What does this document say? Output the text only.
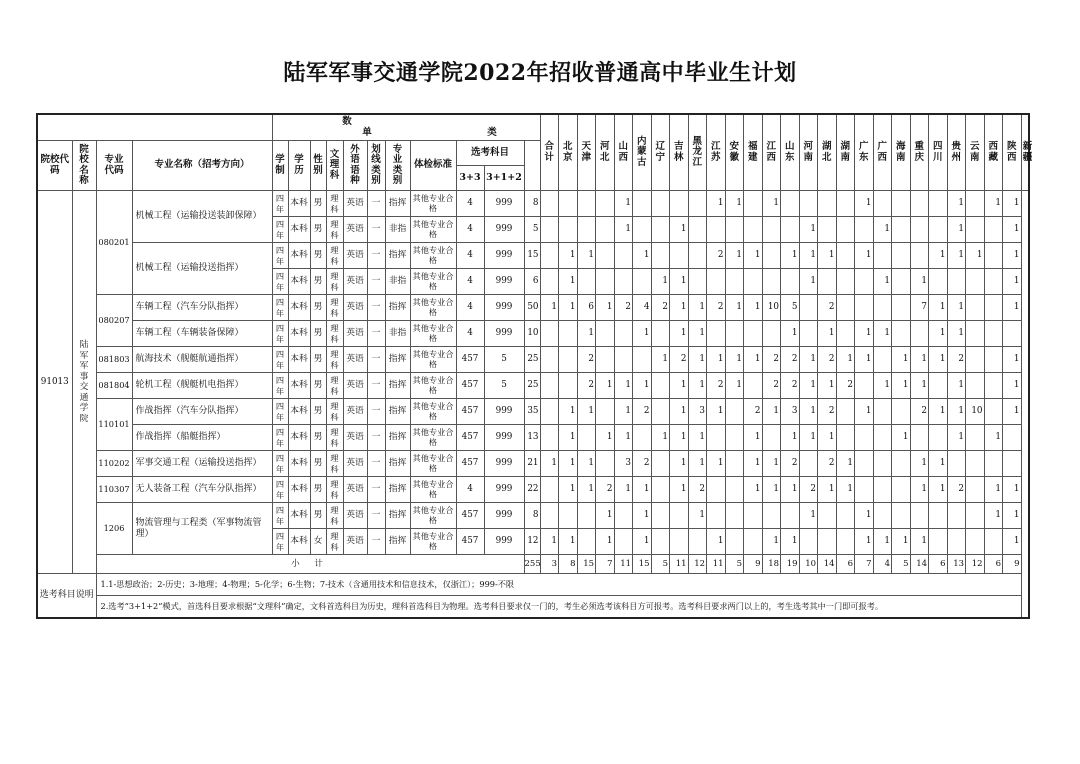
陆军军事交通学院2022年招收普通高中毕业生计划
				数单 类											合计	北京	天津	河北	山西	内蒙古	辽宁	吉林	黑龙江	江苏	安徽	福建	江西	山东	河南	湖北	湖南	广东	广西	海南	重庆	四川	贵州	云南	西藏	陕西	新疆
院校代码	院校名称	专业代码	专业名称（招考方向）	学制	学历	性别	文理科	外语语种	划线类别	专业类别	体检标准	选考科目																													
												3+3	3+1+2																												
91013	陆军军事交通学院	080201	机械工程（运输投送装卸保障）	四年	本科	男	理科	英语	一	指挥	其他专业合格	4	999	8					1					1	1		1					1					1		1	1	
				四年	本科	男	理科	英语	一	非指	其他专业合格	4	999	5					1			1							1				1				1			1	
			机械工程（运输投送指挥）	四年	本科	男	理科	英语	一	指挥	其他专业合格	4	999	15		1	1			1				2	1	1		1	1	1		1				1	1	1		1	
				四年	本科	男	理科	英语	一	非指	其他专业合格	4	999	6		1					1	1							1				1		1					1	
		080207	车辆工程（汽车分队指挥）	四年	本科	男	理科	英语	一	指挥	其他专业合格	4	999	50	1	1	6	1	2	4	2	1	1	2	1	1	10	5		2					7	1	1			1	
			车辆工程（车辆装备保障）	四年	本科	男	理科	英语	一	非指	其他专业合格	4	999	10			1			1		1	1					1		1		1	1			1	1				
		081803	航海技术（舰艇航通指挥）	四年	本科	男	理科	英语	一	指挥	其他专业合格	457	5	25			2				1	2	1	1	1	1	2	2	1	2	1	1		1	1	1	2			1	
		081804	轮机工程（舰艇机电指挥）	四年	本科	男	理科	英语	一	指挥	其他专业合格	457	5	25			2	1	1	1		1	1	2	1		2	2	1	1	2		1	1	1		1			1	
		110101	作战指挥（汽车分队指挥）	四年	本科	男	理科	英语	一	指挥	其他专业合格	457	999	35		1	1		1	2		1	3	1		2	1	3	1	2		1			2	1	1	10		1	
			作战指挥（船艇指挥）	四年	本科	男	理科	英语	一	指挥	其他专业合格	457	999	13		1		1	1		1	1	1			1		1	1	1				1			1		1		
		110202	军事交通工程（运输投送指挥）	四年	本科	男	理科	英语	一	指挥	其他专业合格	457	999	21	1	1	1		3	2		1	1	1		1	1	2		2	1				1	1					
		110307	无人装备工程（汽车分队指挥）	四年	本科	男	理科	英语	一	指挥	其他专业合格	4	999	22		1	1	2	1	1		1	2			1	1	1	2	1	1				1	1	2		1	1	
		1206	物流管理与工程类（军事物流管理）	四年	本科	男	理科	英语	一	指挥	其他专业合格	457	999	8				1		1			1						1			1							1	1	
				四年	本科	女	理科	英语	一	指挥	其他专业合格	457	999	12	1	1		1		1				1			1	1				1	1	1	1					1	
		小 计												255	3	8	15	7	11	15	5	11	12	11	5	9	18	19	10	14	6	7	4	5	14	6	13	12	6	9	
选考科目说明		1.1-思想政治；2-历史；3-地理；4-物理；5-化学；6-生物；7-技术（含通用技术和信息技术，仅浙江）；999-不限																																							
		2.选考“3+1+2”模式，首选科目要求根据“文理科”确定，文科首选科目为历史，理科首选科目为物理。选考科目要求仅一门的，考生必须选考该科目方可报考。选考科目要求两门以上的，考生选考其中一门即可报考。																																							
